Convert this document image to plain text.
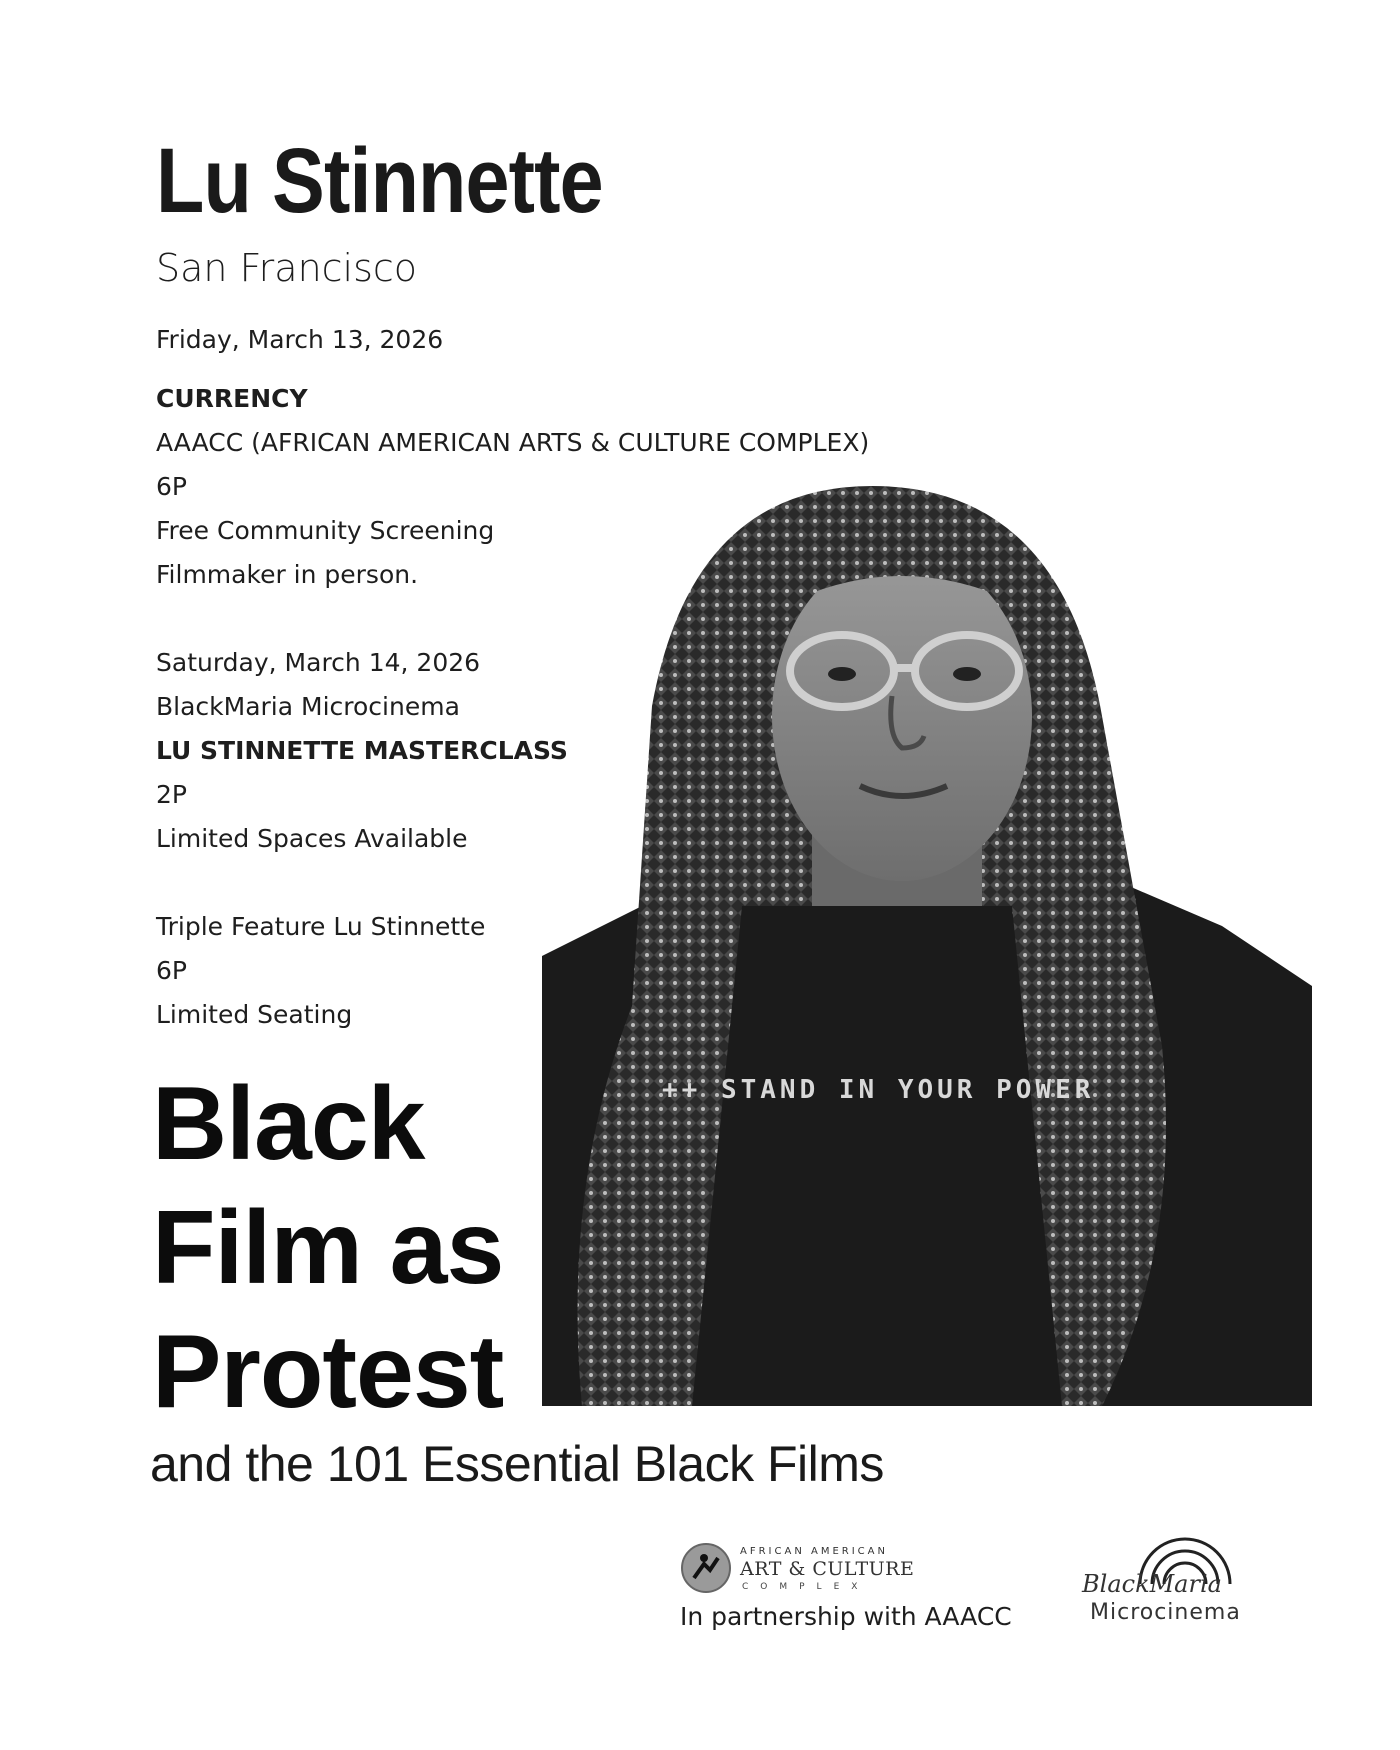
Lu Stinnette
San Francisco
Friday, March 13, 2026
CURRENCY
AAACC (AFRICAN AMERICAN ARTS & CULTURE COMPLEX)
6P
Free Community Screening
Filmmaker in person.
Saturday, March 14, 2026
BlackMaria Microcinema
LU STINNETTE MASTERCLASS
2P
Limited Spaces Available
Triple Feature Lu Stinnette
6P
Limited Seating
++ STAND IN YOUR POWER
Black
Film as
Protest
and the 101 Essential Black Films
AFRICAN AMERICAN
ART & CULTURE
COMPLEX
In partnership with AAACC
BlackMaria
Microcinema
